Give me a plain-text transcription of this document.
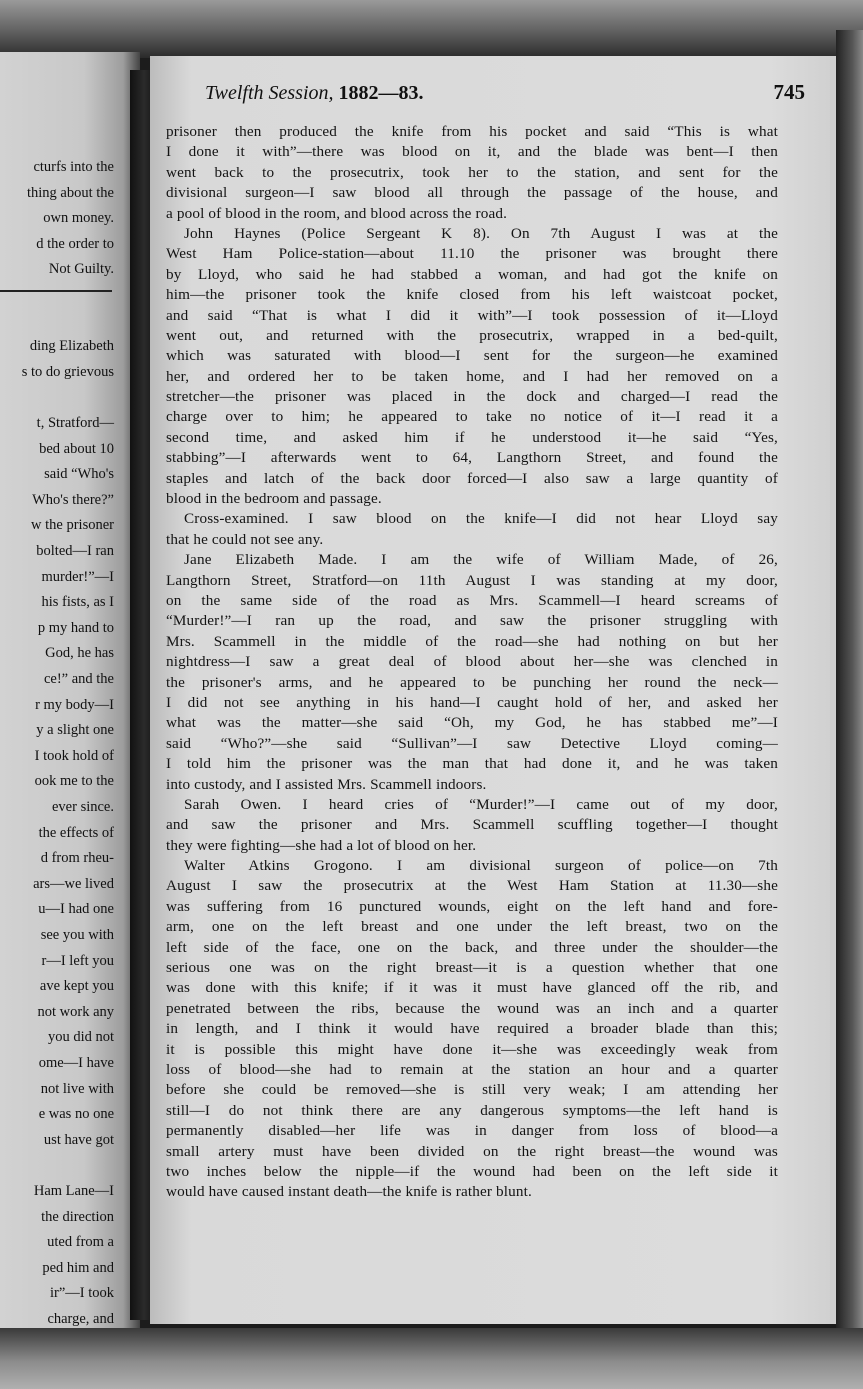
cturfs into the
thing about the
own money.
d the order to
Not Guilty.
ding Elizabeth
s to do grievous
t, Stratford—
bed about 10
said “Who's
Who's there?”
w the prisoner
bolted—I ran
murder!”—I
his fists, as I
p my hand to
God, he has
ce!” and the
r my body—I
y a slight one
I took hold of
ook me to the
ever since.
the effects of
d from rheu-
ars—we lived
u—I had one
see you with
r—I left you
ave kept you
not work any
you did not
ome—I have
not live with
e was no one
ust have got
Ham Lane—I
the direction
uted from a
ped him and
ir”—I took
charge, and
Twelfth Session, 1882—83.	745
prisoner then produced the knife from his pocket and said “This is what
I done it with”—there was blood on it, and the blade was bent—I then
went back to the prosecutrix, took her to the station, and sent for the
divisional surgeon—I saw blood all through the passage of the house, and
a pool of blood in the room, and blood across the road.
John Haynes (Police Sergeant K 8). On 7th August I was at the
West Ham Police-station—about 11.10 the prisoner was brought there
by Lloyd, who said he had stabbed a woman, and had got the knife on
him—the prisoner took the knife closed from his left waistcoat pocket,
and said “That is what I did it with”—I took possession of it—Lloyd
went out, and returned with the prosecutrix, wrapped in a bed-quilt,
which was saturated with blood—I sent for the surgeon—he examined
her, and ordered her to be taken home, and I had her removed on a
stretcher—the prisoner was placed in the dock and charged—I read the
charge over to him; he appeared to take no notice of it—I read it a
second time, and asked him if he understood it—he said “Yes,
stabbing”—I afterwards went to 64, Langthorn Street, and found the
staples and latch of the back door forced—I also saw a large quantity of
blood in the bedroom and passage.
Cross-examined. I saw blood on the knife—I did not hear Lloyd say
that he could not see any.
Jane Elizabeth Made. I am the wife of William Made, of 26,
Langthorn Street, Stratford—on 11th August I was standing at my door,
on the same side of the road as Mrs. Scammell—I heard screams of
“Murder!”—I ran up the road, and saw the prisoner struggling with
Mrs. Scammell in the middle of the road—she had nothing on but her
nightdress—I saw a great deal of blood about her—she was clenched in
the prisoner's arms, and he appeared to be punching her round the neck—
I did not see anything in his hand—I caught hold of her, and asked her
what was the matter—she said “Oh, my God, he has stabbed me”—I
said “Who?”—she said “Sullivan”—I saw Detective Lloyd coming—
I told him the prisoner was the man that had done it, and he was taken
into custody, and I assisted Mrs. Scammell indoors.
Sarah Owen. I heard cries of “Murder!”—I came out of my door,
and saw the prisoner and Mrs. Scammell scuffling together—I thought
they were fighting—she had a lot of blood on her.
Walter Atkins Grogono. I am divisional surgeon of police—on 7th
August I saw the prosecutrix at the West Ham Station at 11.30—she
was suffering from 16 punctured wounds, eight on the left hand and fore-
arm, one on the left breast and one under the left breast, two on the
left side of the face, one on the back, and three under the shoulder—the
serious one was on the right breast—it is a question whether that one
was done with this knife; if it was it must have glanced off the rib, and
penetrated between the ribs, because the wound was an inch and a quarter
in length, and I think it would have required a broader blade than this;
it is possible this might have done it—she was exceedingly weak from
loss of blood—she had to remain at the station an hour and a quarter
before she could be removed—she is still very weak; I am attending her
still—I do not think there are any dangerous symptoms—the left hand is
permanently disabled—her life was in danger from loss of blood—a
small artery must have been divided on the right breast—the wound was
two inches below the nipple—if the wound had been on the left side it
would have caused instant death—the knife is rather blunt.
